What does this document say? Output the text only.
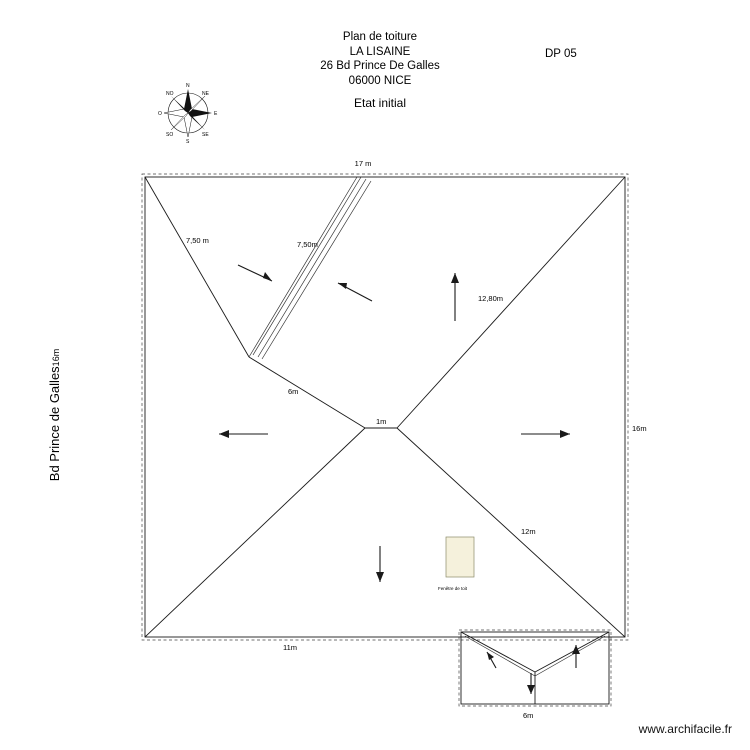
Plan de toiture
LA LISAINE
26 Bd Prince De Galles
06000 NICE
Etat initial
DP 05
Bd Prince de Galles16m
www.archifacile.fr
N
S
O	E
NO	NE
SO	SE
17 m
7,50 m	7,50m
12,80m
16m
6m
1m
12m
11m
6m
Fenêtre de toit
